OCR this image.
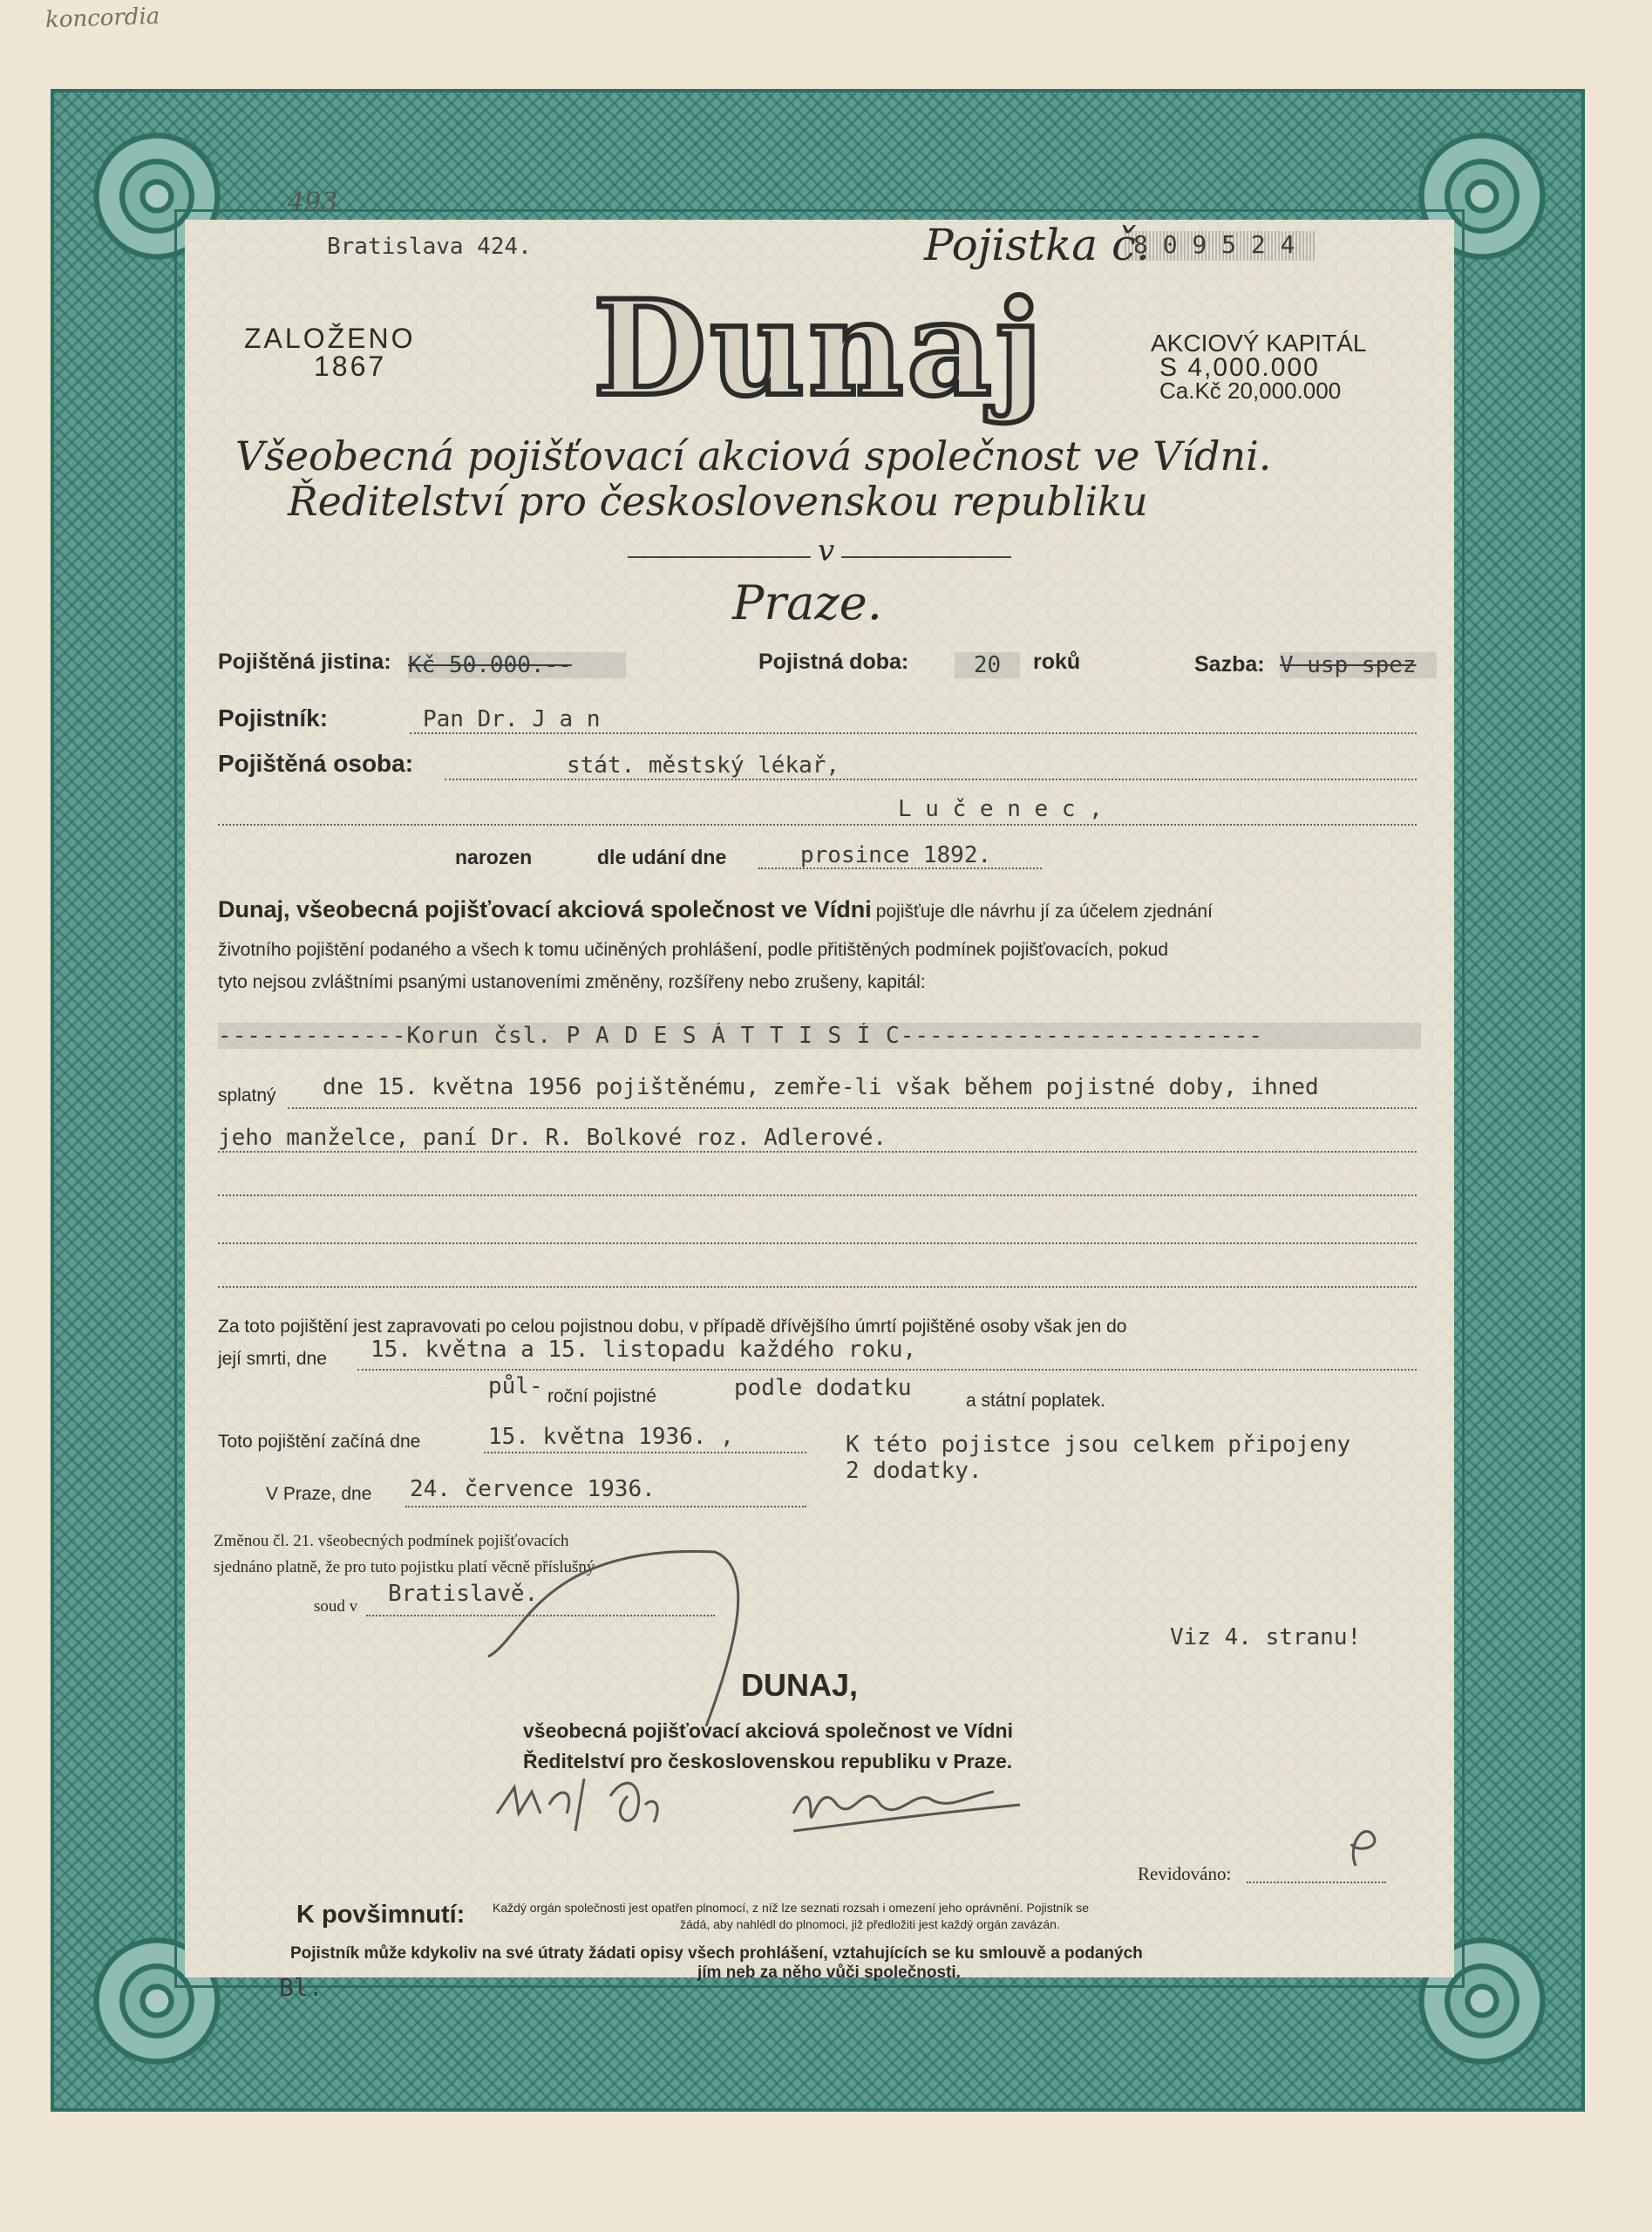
koncordia
493
Bratislava 424.	Pojistka č.
8 0 9 5 2 4
ZALOŽENO
1867 Dunaj	AKCIOVÝ KAPITÁL
S 4,000.000
Ca.Kč 20,000.000
Všeobecná pojišťovací akciová společnost ve Vídni.
Ředitelství pro československou republiku
v
Praze.
Pojištěná jistina: Kč 50.000.--	Pojistná doba:	20	roků	Sazba: V usp spez
Pojistník:	Pan Dr. J a n
Pojištěná osoba:	stát. městský lékař,
L u č e n e c ,
narozen	dle udání dne	prosince 1892.
Dunaj, všeobecná pojišťovací akciová společnost ve Vídni pojišťuje dle návrhu jí za účelem zjednání
životního pojištění podaného a všech k tomu učiněných prohlášení, podle přitištěných podmínek pojišťovacích, pokud
tyto nejsou zvláštními psanými ustanoveními změněny, rozšířeny nebo zrušeny, kapitál:
-------------Korun čsl. P A D E S Á T T I S Í C-------------------------
splatný dne 15. května 1956 pojištěnému, zemře-li však během pojistné doby, ihned
jeho manželce, paní Dr. R. Bolkové roz. Adlerové.
Za toto pojištění jest zapravovati po celou pojistnou dobu, v případě dřívějšího úmrtí pojištěné osoby však jen do
její smrti, dne 15. května a 15. listopadu každého roku,
půl- roční pojistné	podle dodatku	a státní poplatek.
Toto pojištění začíná dne	15. května 1936. ,	K této pojistce jsou celkem připojeny
2 dodatky.
V Praze, dne 24. července 1936.
Změnou čl. 21. všeobecných podmínek pojišťovacích
sjednáno platně, že pro tuto pojistku platí věcně příslušný
soud v Bratislavě.
Viz 4. stranu!
DUNAJ,
všeobecná pojišťovací akciová společnost ve Vídni
Ředitelství pro československou republiku v Praze.
Revidováno:
K povšimnutí: Každý orgán společnosti jest opatřen plnomocí, z níž lze seznati rozsah i omezení jeho oprávnění. Pojistník se
žádá, aby nahlédl do plnomoci, již předložiti jest každý orgán zavázán.
Pojistník může kdykoliv na své útraty žádati opisy všech prohlášení, vztahujících se ku smlouvě a podaných
jím neb za něho vůči společnosti.
Bl.
